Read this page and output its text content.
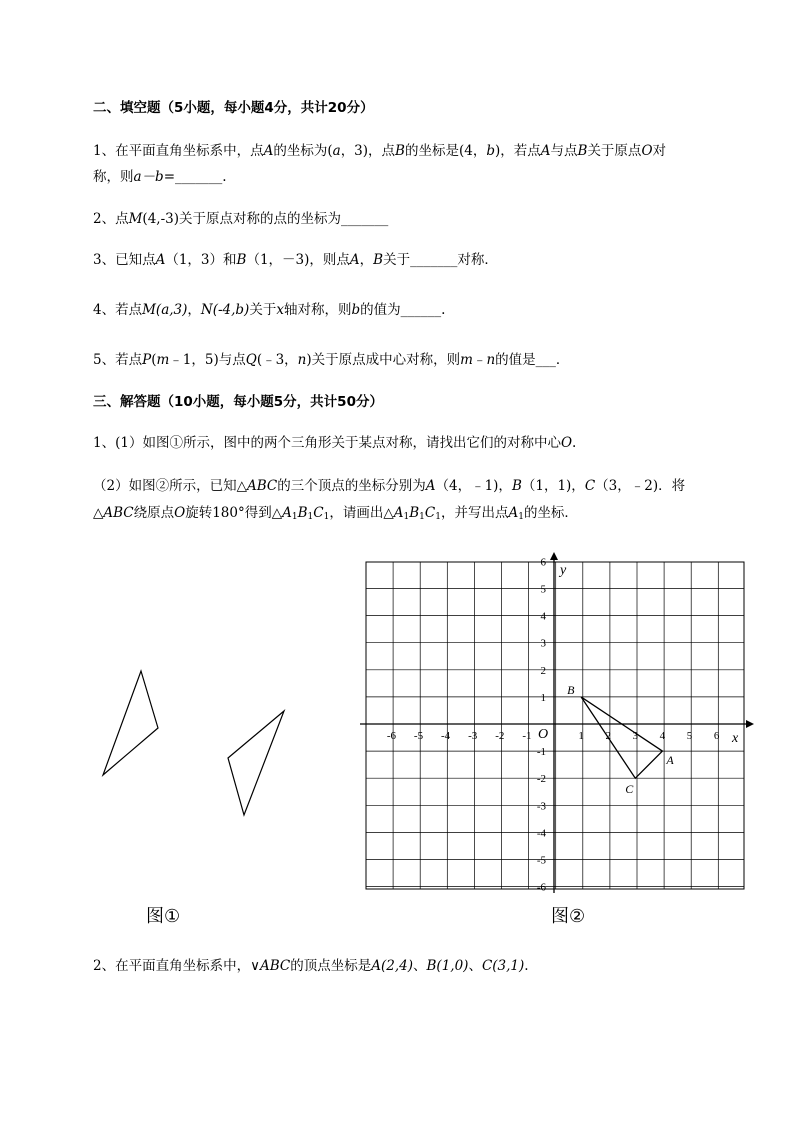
二、填空题（5小题，每小题4分，共计20分）
1、在平面直角坐标系中，点A的坐标为(a，3)，点B的坐标是(4，b)，若点A与点B关于原点O对
称，则a－b=_______.
2、点M(4,-3)关于原点对称的点的坐标为_______
3、已知点A（1，3）和B（1，－3)，则点A，B关于_______对称．
4、若点M(a,3)，N(-4,b)关于x轴对称，则b的值为______.
5、若点P(m﹣1，5)与点Q(﹣3，n)关于原点成中心对称，则m﹣n的值是___．
三、解答题（10小题，每小题5分，共计50分）
1、(1）如图①所示，图中的两个三角形关于某点对称，请找出它们的对称中心O.
（2）如图②所示，已知△ABC的三个顶点的坐标分别为A（4，﹣1)，B（1，1)，C（3，﹣2)．将
△ABC绕原点O旋转180°得到$\triangle A_1B_1C_1$，请画出$\triangle A_1B_1C_1$，并写出点$A_1$的坐标．
图①
x
y
O
-6 -5 -4 -3 -2 -1	1 2 3 4 5 6
6
5
4
3
2
1
-1
-2
-3
-4
-5
-6
A
B
C
图②
2、在平面直角坐标系中，∨ABC的顶点坐标是A(2,4)、B(1,0)、C(3,1).
